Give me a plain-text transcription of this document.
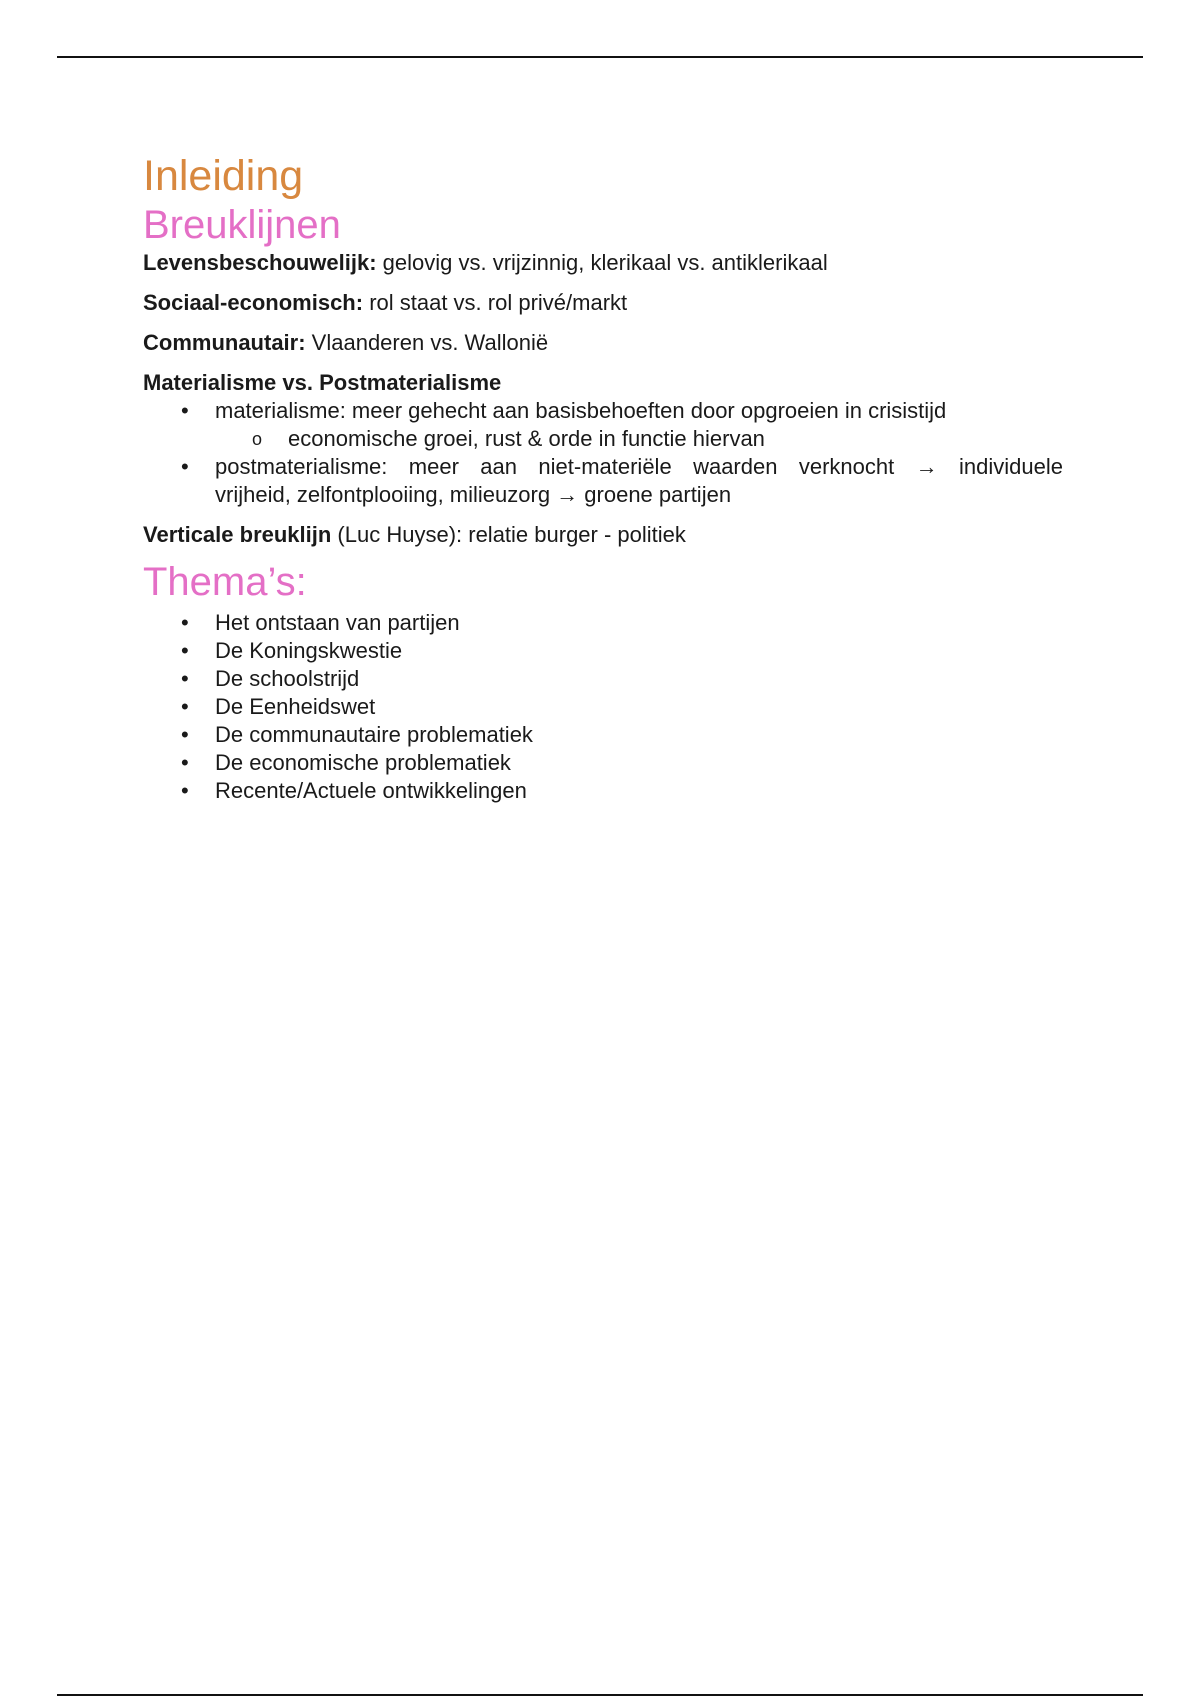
Inleiding
Breuklijnen

Levensbeschouwelijk: gelovig vs. vrijzinnig, klerikaal vs. antiklerikaal

Sociaal-economisch: rol staat vs. rol privé/markt

Communautair: Vlaanderen vs. Wallonië

Materialisme vs. Postmaterialisme

• materialisme: meer gehecht aan basisbehoeften door opgroeien in crisistijd
o economische groei, rust & orde in functie hiervan
• postmaterialisme: meer aan niet-materiële waarden verknocht → individuele
vrijheid, zelfontplooiing, milieuzorg → groene partijen

Verticale breuklijn (Luc Huyse): relatie burger - politiek

Thema’s:
• Het ontstaan van partijen
• De Koningskwestie
• De schoolstrijd
• De Eenheidswet
• De communautaire problematiek
• De economische problematiek
• Recente/Actuele ontwikkelingen
